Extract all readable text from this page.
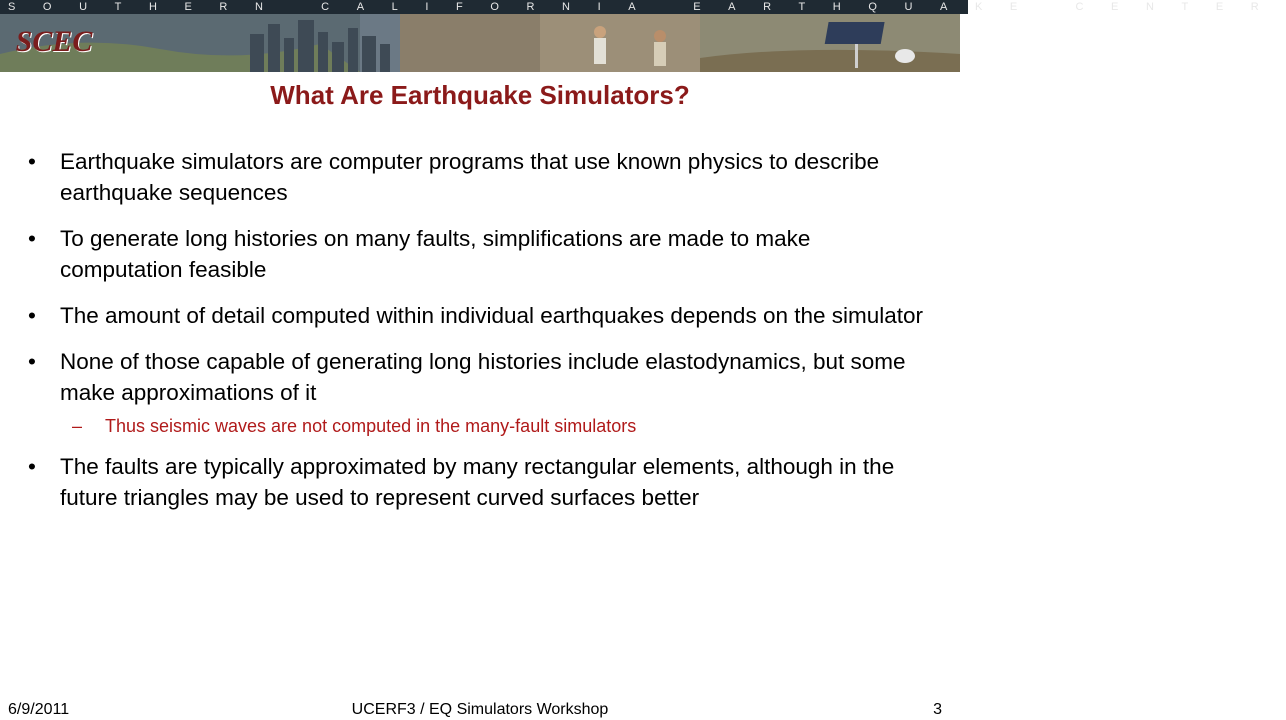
SOUTHERN CALIFORNIA EARTHQUAKE CENTER
SCEC
What Are Earthquake Simulators?
•	Earthquake simulators are computer programs that use known physics to describe earthquake sequences
•	To generate long histories on many faults, simplifications are made to make computation feasible
•	The amount of detail computed within individual earthquakes depends on the simulator
•	None of those capable of generating long histories include elastodynamics, but some make approximations of it
– Thus seismic waves are not computed in the many-fault simulators
•	The faults are typically approximated by many rectangular elements, although in the future triangles may be used to represent curved surfaces better
6/9/2011	UCERF3 / EQ Simulators Workshop	3
